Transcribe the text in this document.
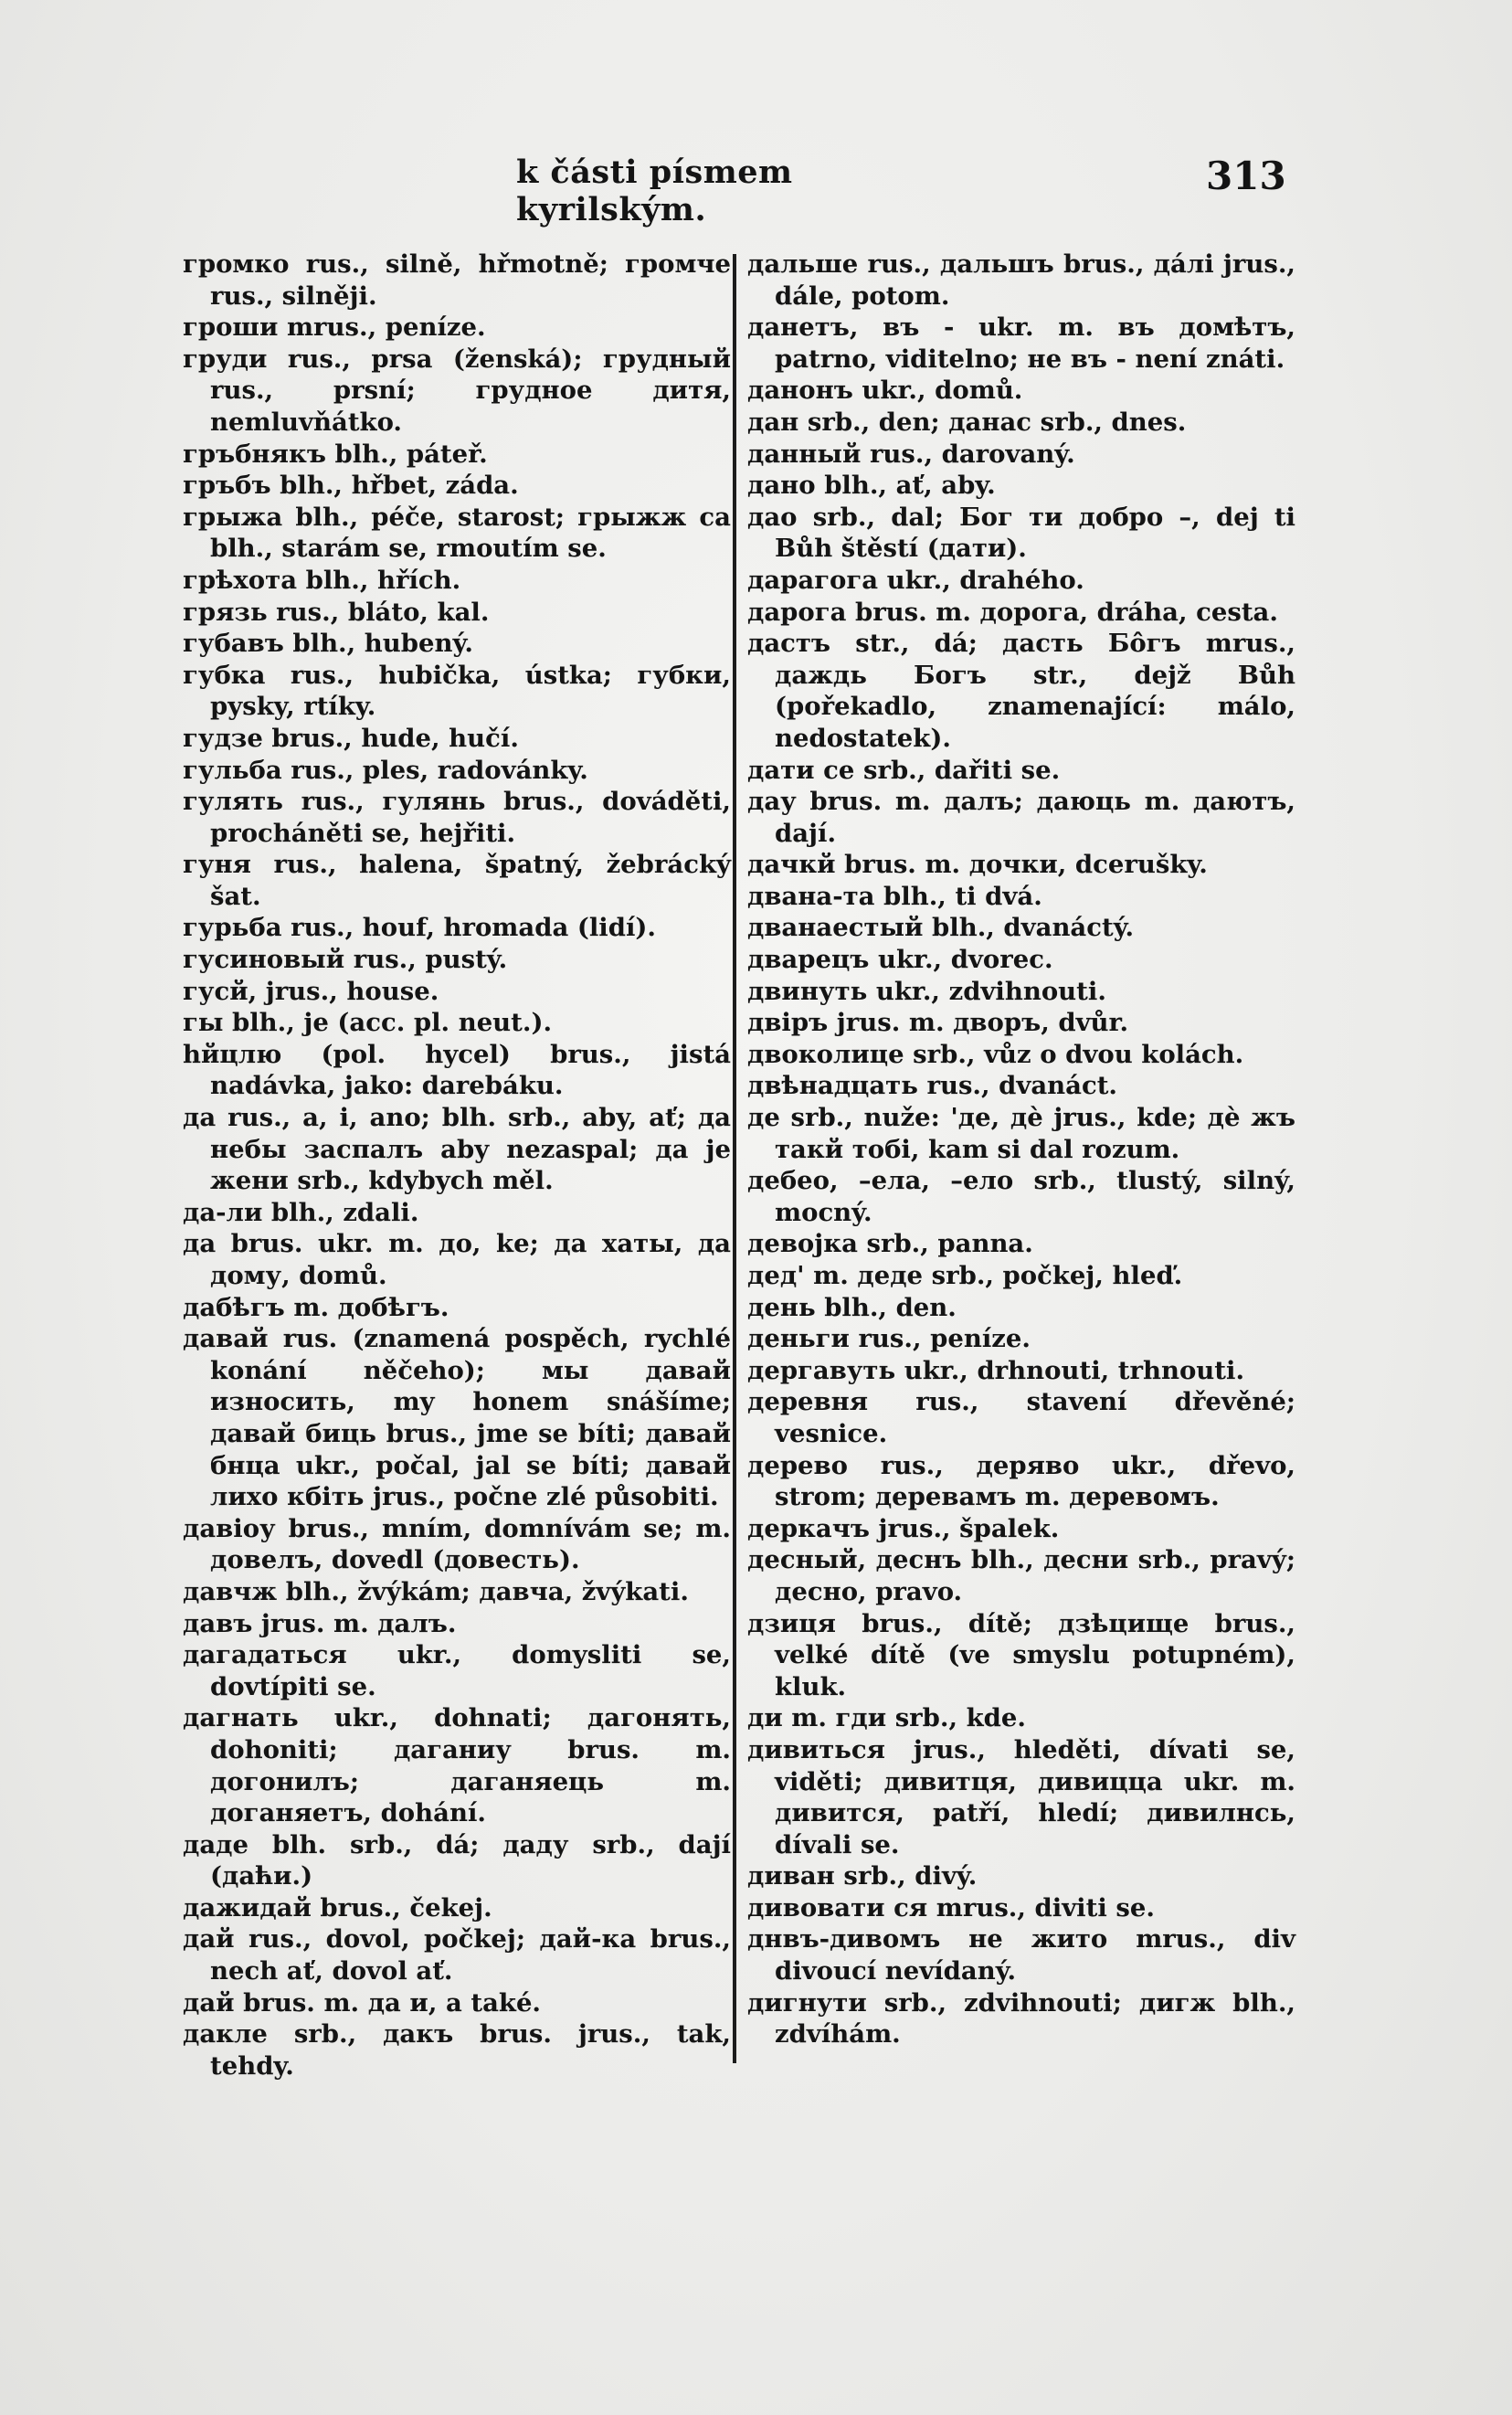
k části písmem kyrilským.
313

громко rus., silně, hřmotně; громче rus., silněji.

гроши mrus., peníze.

груди rus., prsa (ženská); грудный rus., prsní; грудное дитя, nemluvňátko.

гръбнякъ blh., páteř.

гръбъ blh., hřbet, záda.

грыжа blh., péče, starost; грыжж са blh., starám se, rmoutím se.

грѣхота blh., hřích.

грязь rus., bláto, kal.

губавъ blh., hubený.

губка rus., hubička, ústka; губки, pysky, rtíky.

гудзе brus., hude, hučí.

гульба rus., ples, radovánky.

гулять rus., гулянь brus., dováděti, procháněti se, hejřiti.

гуня rus., halena, špatný, žebrácký šat.

гурьба rus., houf, hromada (lidí).

гусиновый rus., pustý.

гусй, jrus., house.

гы blh., je (acc. pl. neut.).

hйцлю (pol. hycel) brus., jistá nadávka, jako: darebáku.

да rus., a, i, ano; blh. srb., aby, ať; да небы заспалъ aby nezaspal; да je жени srb., kdybych měl.

да-ли blh., zdali.

да brus. ukr. m. до, ke; да хаты, да дому, domů.

дабѣгъ m. добѣгъ.

давай rus. (znamená pospěch, rychlé konání něčeho); мы давай износить, my honem snášíme; давай биць brus., jme se bíti; давай бнца ukr., počal, jal se bíti; давай лихо кбіть jrus., počne zlé působiti.

давіоу brus., mním, domnívám se; m. довелъ, dovedl (довесть).

давчж blh., žvýkám; давча, žvýkati.

давъ jrus. m. далъ.

дагадаться ukr., domysliti se, dovtípiti se.

дагнать ukr., dohnati; дагонять, dohoniti; даганиу brus. m. догонилъ; даганяець m. доганяетъ, dohání.

даде blh. srb., dá; даду srb., dají (даћи.)

дажидай brus., čekej.

дай rus., dovol, počkej; дай-ка brus., nech ať, dovol ať.

дай brus. m. да и, a také.

дакле srb., дакъ brus. jrus., tak, tehdy.

дальше rus., дальшъ brus., дáлі jrus., dále, potom.

данетъ, въ - ukr. m. въ домѣтъ, patrno, viditelno; не въ - není znáti.

данонъ ukr., domů.

дан srb., den; данас srb., dnes.

данный rus., darovaný.

дано blh., ať, aby.

дао srb., dal; Бог ти добро –, dej ti Bůh štěstí (дати).

дарагога ukr., drahého.

дарога brus. m. дорога, dráha, cesta.

дастъ str., dá; дасть Бôгъ mrus., даждь Богъ str., dejž Bůh (pořekadlo, znamenající: málo, nedostatek).

дати се srb., dařiti se.

дау brus. m. далъ; даюць m. даютъ, dají.

дачкй brus. m. дочки, dcerušky.

двана-та blh., ti dvá.

дванаестый blh., dvanáctý.

дварецъ ukr., dvorec.

двинуть ukr., zdvihnouti.

двіръ jrus. m. дворъ, dvůr.

двоколице srb., vůz o dvou kolách.

двѣнадцать rus., dvanáct.

де srb., nuže: 'де, дѐ jrus., kde; дѐ жъ такй тобі, kam si dal rozum.

дебео, –ела, –ело srb., tlustý, silný, mocný.

девојка srb., panna.

дед' m. деде srb., počkej, hleď.

день blh., den.

деньги rus., peníze.

дергавуть ukr., drhnouti, trhnouti.

деревня rus., stavení dřevěné; vesnice.

дерево rus., деряво ukr., dřevo, strom; деревамъ m. деревомъ.

деркачъ jrus., špalek.

десный, деснъ blh., десни srb., pravý; десно, pravo.

дзиця brus., dítě; дзѣцище brus., velké dítě (ve smyslu potupném), kluk.

ди m. гди srb., kde.

дивиться jrus., hleděti, dívati se, viděti; дивитця, дивицца ukr. m. дивится, patří, hledí; дивилнсь, dívali se.

диван srb., divý.

дивовати ся mrus., diviti se.

днвъ-дивомъ не жито mrus., div divoucí nevídaný.

дигнути srb., zdvihnouti; дигж blh., zdvíhám.
